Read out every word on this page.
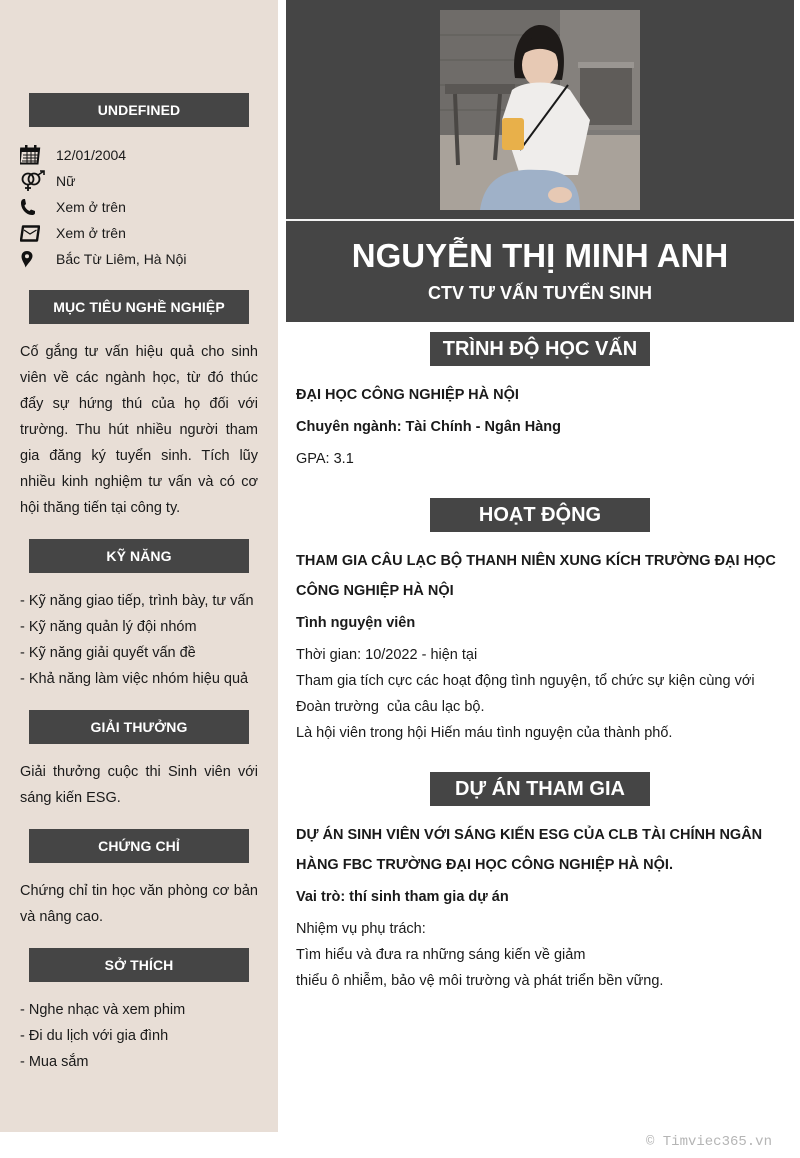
UNDEFINED
12/01/2004
Nữ
Xem ở trên
Xem ở trên
Bắc Từ Liêm, Hà Nội
MỤC TIÊU NGHỀ NGHIỆP

Cố gắng tư vấn hiệu quả cho sinh viên về các ngành học, từ đó thúc đẩy sự hứng thú của họ đối với trường. Thu hút nhiều người tham gia đăng ký tuyển sinh. Tích lũy nhiều kinh nghiệm tư vấn và có cơ hội thăng tiến tại công ty.

KỸ NĂNG
- Kỹ năng giao tiếp, trình bày, tư vấn
- Kỹ năng quản lý đội nhóm
- Kỹ năng giải quyết vấn đề
- Khả năng làm việc nhóm hiệu quả
GIẢI THƯỞNG

Giải thưởng cuộc thi Sinh viên với sáng kiến ESG.

CHỨNG CHỈ

Chứng chỉ tin học văn phòng cơ bản và nâng cao.

SỞ THÍCH
- Nghe nhạc và xem phim
- Đi du lịch với gia đình
- Mua sắm
NGUYỄN THỊ MINH ANH
CTV TƯ VẤN TUYỂN SINH
TRÌNH ĐỘ HỌC VẤN
ĐẠI HỌC CÔNG NGHIỆP HÀ NỘI
Chuyên ngành: Tài Chính - Ngân Hàng
GPA: 3.1
HOẠT ĐỘNG
THAM GIA CÂU LẠC BỘ THANH NIÊN XUNG KÍCH TRƯỜNG ĐẠI HỌC
CÔNG NGHIỆP HÀ NỘI
Tình nguyện viên
Thời gian: 10/2022 - hiện tại
Tham gia tích cực các hoạt động tình nguyện, tổ chức sự kiện cùng với
Đoàn trường  của câu lạc bộ.
Là hội viên trong hội Hiến máu tình nguyện của thành phố.
DỰ ÁN THAM GIA
DỰ ÁN SINH VIÊN VỚI SÁNG KIẾN ESG CỦA CLB TÀI CHÍNH NGÂN
HÀNG FBC TRƯỜNG ĐẠI HỌC CÔNG NGHIỆP HÀ NỘI.
Vai trò: thí sinh tham gia dự án
Nhiệm vụ phụ trách:
Tìm hiểu và đưa ra những sáng kiến về giảm
thiểu ô nhiễm, bảo vệ môi trường và phát triển bền vững.
© Timviec365.vn
